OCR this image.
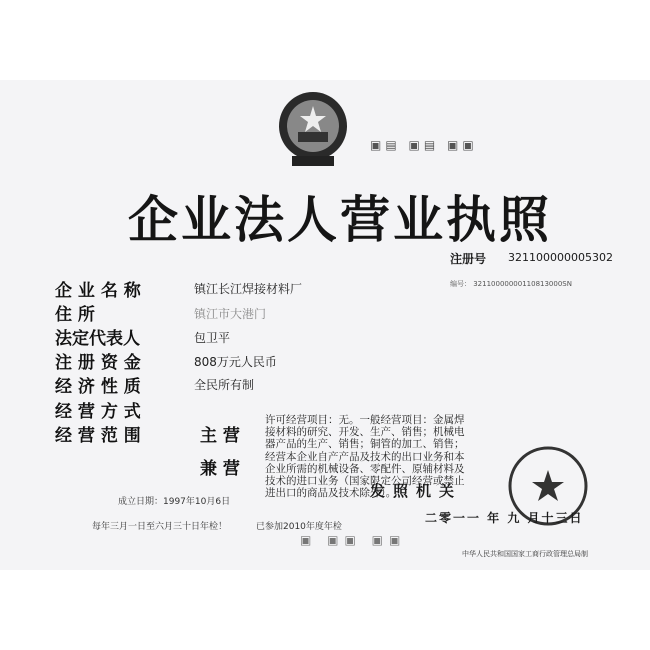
▣▤ ▣▤ ▣▣
企业法人营业执照
注册号 321100000005302
编号： 32110000000110813000SN
企 业 名 称	镇江长江焊接材料厂
住 所	镇江市大港门
法定代表人	包卫平
注 册 资 金	808万元人民币
经 济 性 质	全民所有制
经 营 方 式
经 营 范 围	主 营
兼 营
许可经营项目：无。一般经营项目：金属焊接材料的研究、开发、生产、销售；机械电器产品的生产、销售；铜管的加工、销售；经营本企业自产产品及技术的出口业务和本企业所需的机械设备、零配件、原辅材料及技术的进口业务（国家限定公司经营或禁止进出口的商品及技术除外）。
发照机关
二零一一 年 九 月十三日
成立日期：1997年10月6日
每年三月一日至六月三十日年检！	已参加2010年度年检
▣ ▣▣ ▣▣
中华人民共和国国家工商行政管理总局制
